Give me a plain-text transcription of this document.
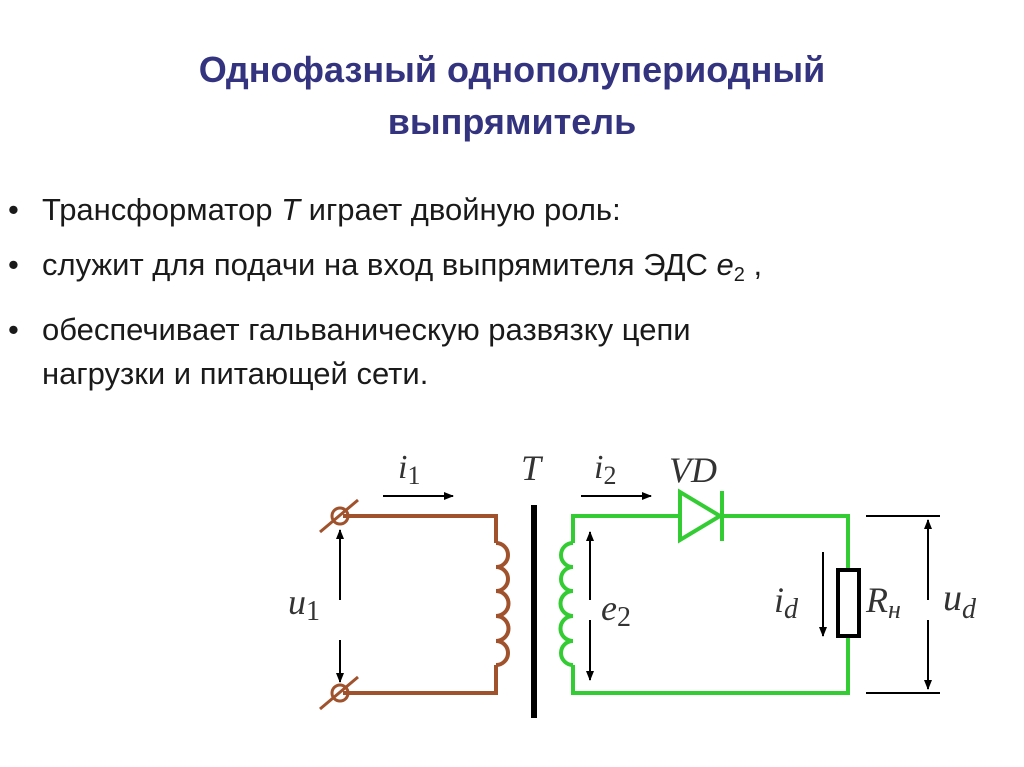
Однофазный однополупериодный
выпрямитель
• Трансформатор T играет двойную роль:
• служит для подачи на вход выпрямителя ЭДС $e_2$ ,
• обеспечивает гальваническую развязку цепи
нагрузки и питающей сети.
T	VD
i1	i2
u1	e2	id Rн $u_d$
